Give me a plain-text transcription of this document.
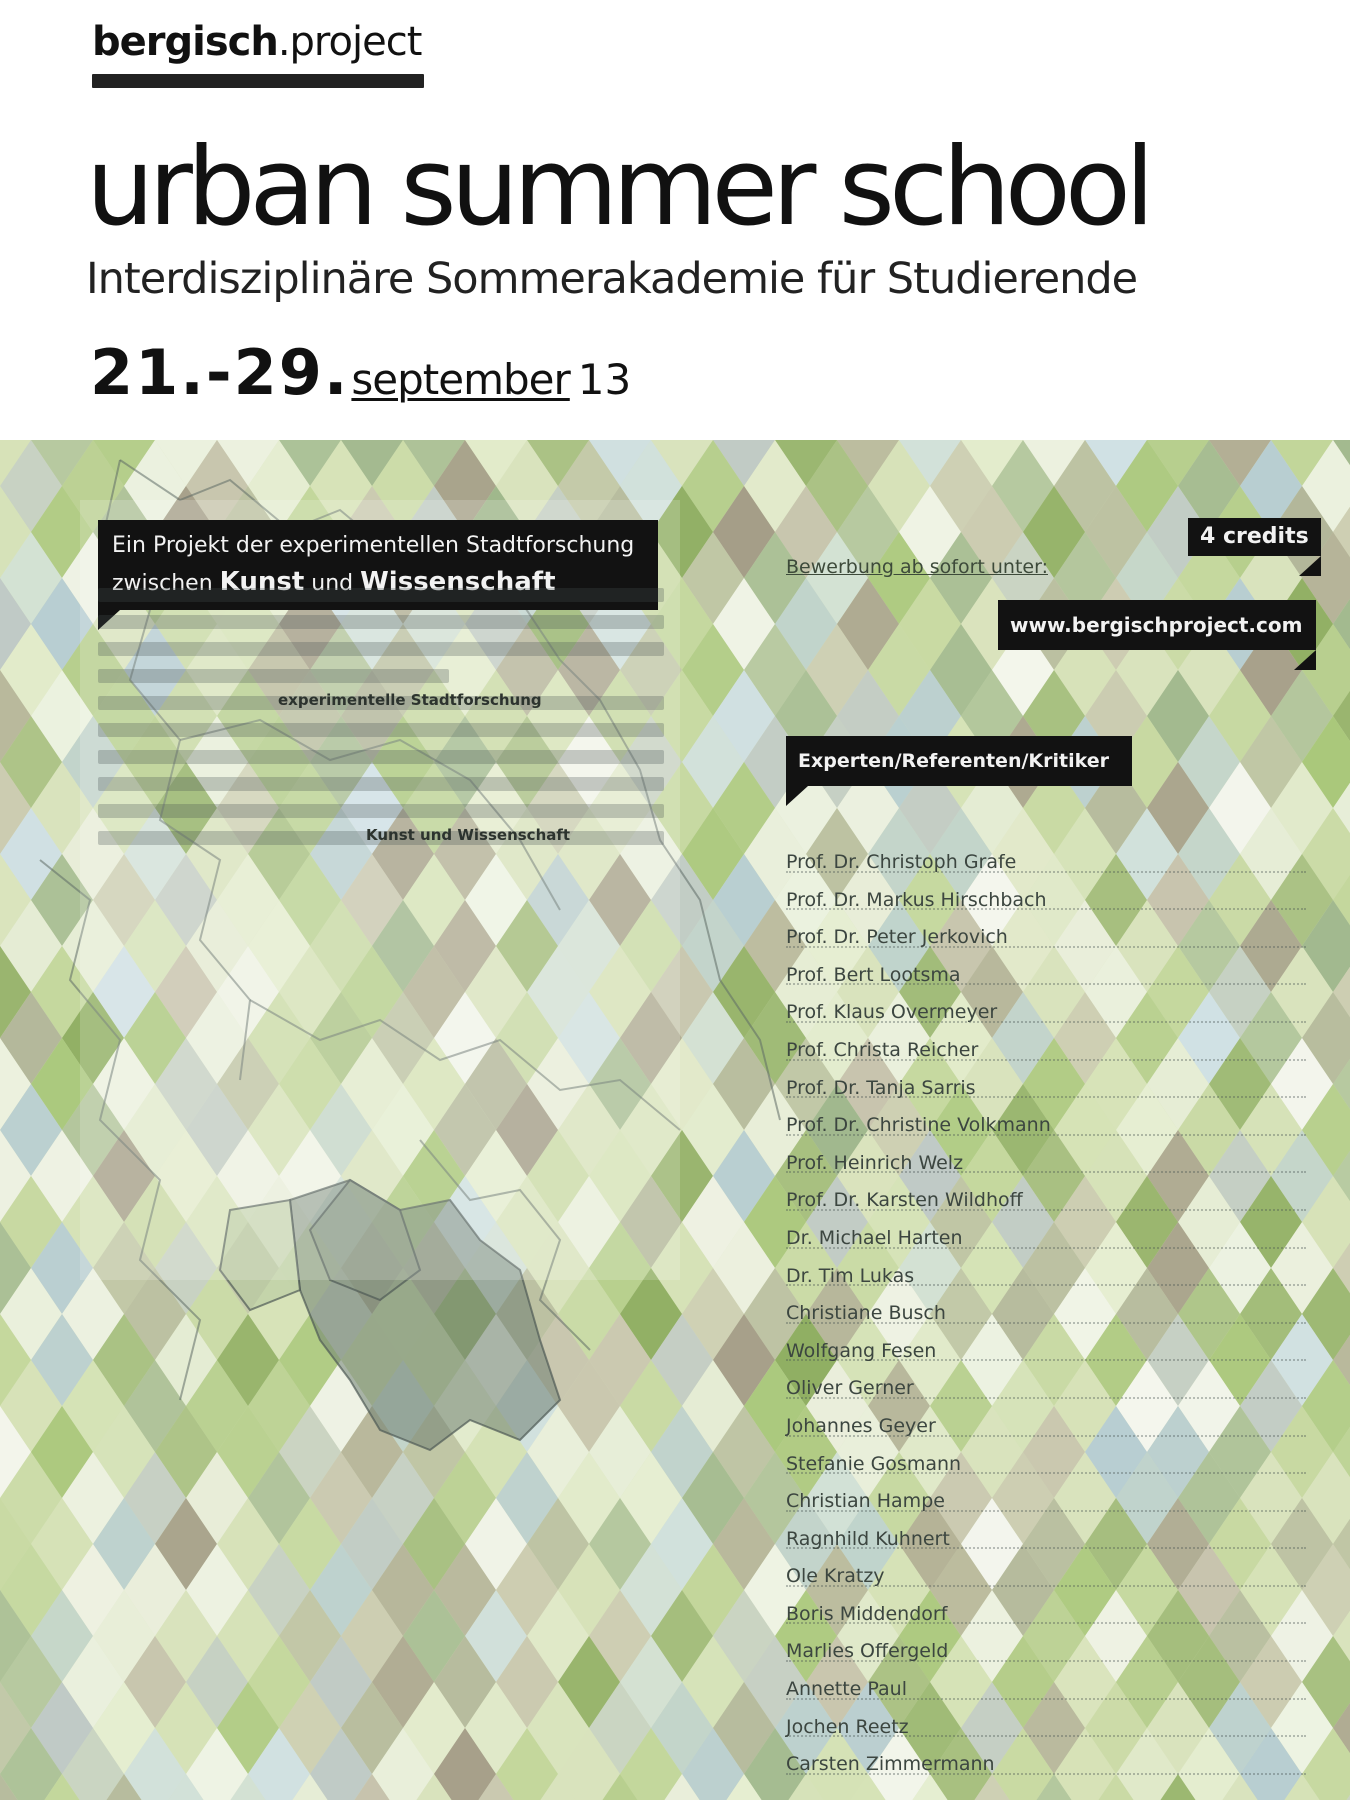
bergisch.project
urban summer school
Interdisziplinäre Sommerakademie für Studierende
21.-29.september 13
Ein Projekt der experimentellen Stadtforschung
zwischen Kunst und Wissenschaft
experimentelle Stadtforschung
Kunst und Wissenschaft
4 credits
Bewerbung ab sofort unter:
www.bergischproject.com
Experten/Referenten/Kritiker
Prof. Dr. Christoph Grafe
Prof. Dr. Markus Hirschbach
Prof. Dr. Peter Jerkovich
Prof. Bert Lootsma
Prof. Klaus Overmeyer
Prof. Christa Reicher
Prof. Dr. Tanja Sarris
Prof. Dr. Christine Volkmann
Prof. Heinrich Welz
Prof. Dr. Karsten Wildhoff
Dr. Michael Harten
Dr. Tim Lukas
Christiane Busch
Wolfgang Fesen
Oliver Gerner
Johannes Geyer
Stefanie Gosmann
Christian Hampe
Ragnhild Kuhnert
Ole Kratzy
Boris Middendorf
Marlies Offergeld
Annette Paul
Jochen Reetz
Carsten Zimmermann
